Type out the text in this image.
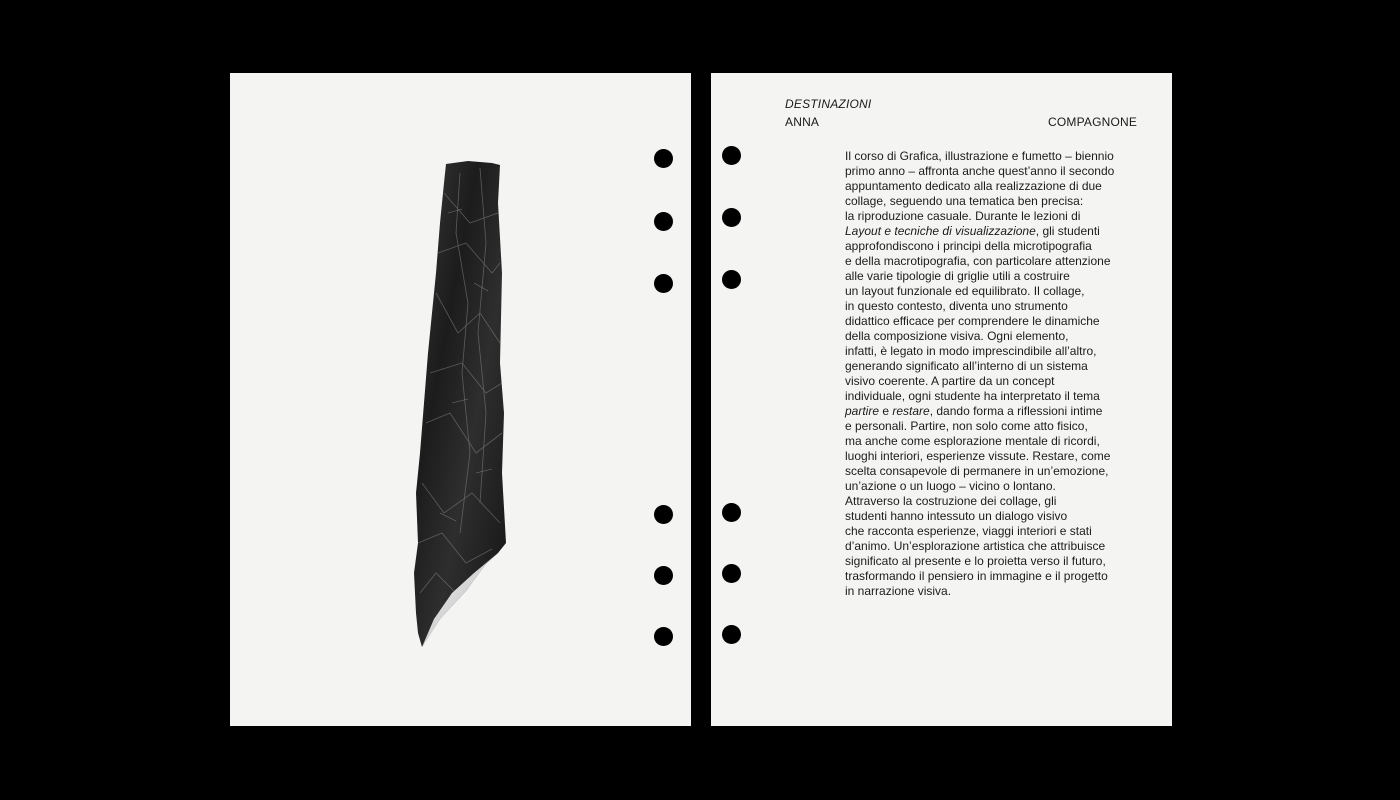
DESTINAZIONI
ANNA	COMPAGNONE
Il corso di Grafica, illustrazione e fumetto – biennio
primo anno – affronta anche quest’anno il secondo
appuntamento dedicato alla realizzazione di due
collage, seguendo una tematica ben precisa:
la riproduzione casuale. Durante le lezioni di
Layout e tecniche di visualizzazione, gli studenti
approfondiscono i principi della microtipografia
e della macrotipografia, con particolare attenzione
alle varie tipologie di griglie utili a costruire
un layout funzionale ed equilibrato. Il collage,
in questo contesto, diventa uno strumento
didattico efficace per comprendere le dinamiche
della composizione visiva. Ogni elemento,
infatti, è legato in modo imprescindibile all’altro,
generando significato all’interno di un sistema
visivo coerente. A partire da un concept
individuale, ogni studente ha interpretato il tema
partire e restare, dando forma a riflessioni intime
e personali. Partire, non solo come atto fisico,
ma anche come esplorazione mentale di ricordi,
luoghi interiori, esperienze vissute. Restare, come
scelta consapevole di permanere in un’emozione,
un’azione o un luogo – vicino o lontano.
Attraverso la costruzione dei collage, gli
studenti hanno intessuto un dialogo visivo
che racconta esperienze, viaggi interiori e stati
d’animo. Un’esplorazione artistica che attribuisce
significato al presente e lo proietta verso il futuro,
trasformando il pensiero in immagine e il progetto
in narrazione visiva.
